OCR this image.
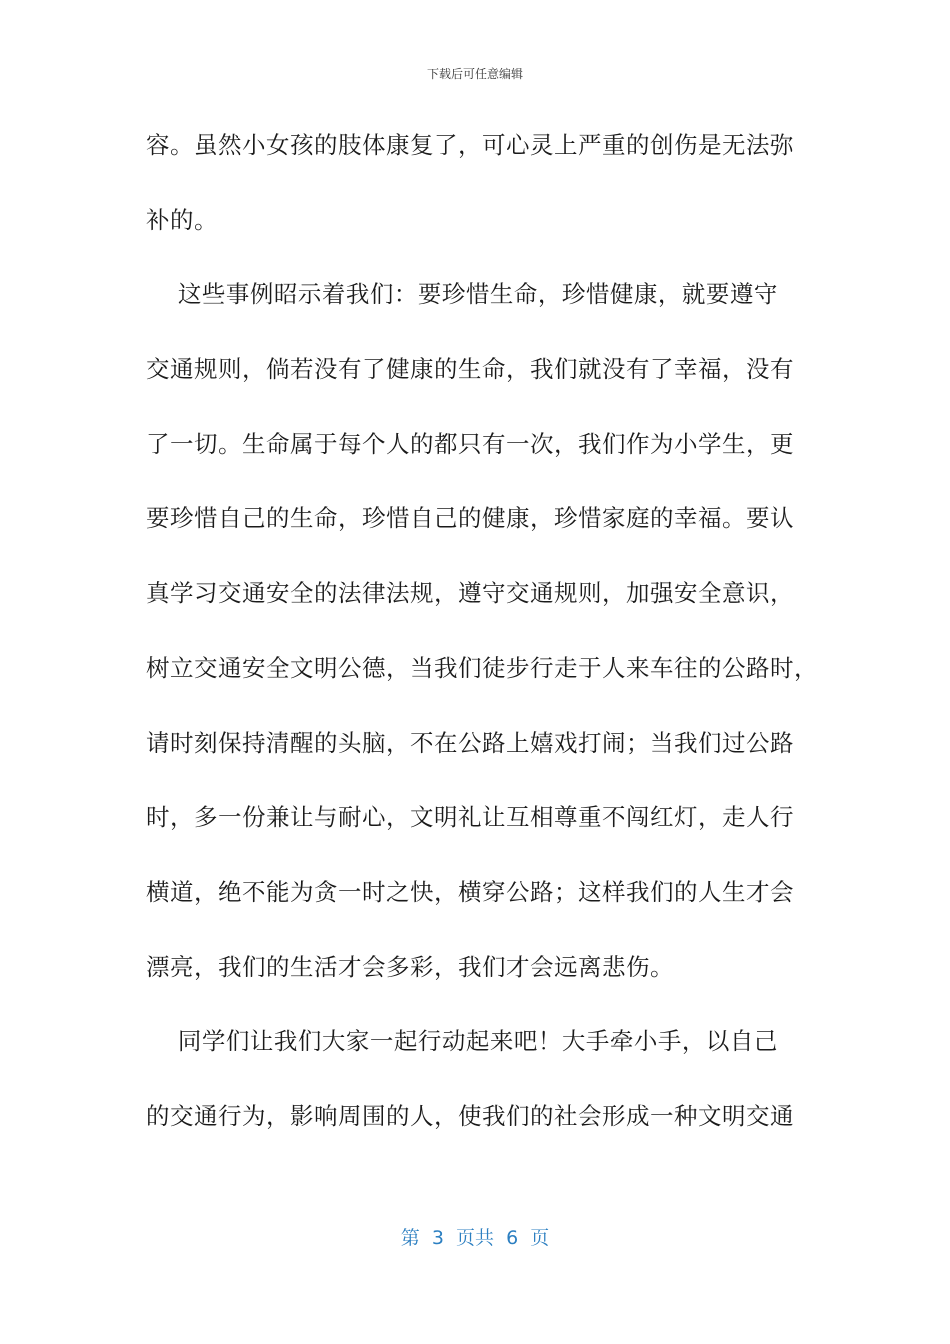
下载后可任意编辑
容。虽然小女孩的肢体康复了，可心灵上严重的创伤是无法弥
补的。
这些事例昭示着我们：要珍惜生命，珍惜健康，就要遵守
交通规则，倘若没有了健康的生命，我们就没有了幸福，没有
了一切。生命属于每个人的都只有一次，我们作为小学生，更
要珍惜自己的生命，珍惜自己的健康，珍惜家庭的幸福。要认
真学习交通安全的法律法规，遵守交通规则，加强安全意识，
树立交通安全文明公德，当我们徒步行走于人来车往的公路时，
请时刻保持清醒的头脑，不在公路上嬉戏打闹；当我们过公路
时，多一份兼让与耐心，文明礼让互相尊重不闯红灯，走人行
横道，绝不能为贪一时之快，横穿公路；这样我们的人生才会
漂亮，我们的生活才会多彩，我们才会远离悲伤。
同学们让我们大家一起行动起来吧！大手牵小手，以自己
的交通行为，影响周围的人，使我们的社会形成一种文明交通
第  3  页共  6  页
